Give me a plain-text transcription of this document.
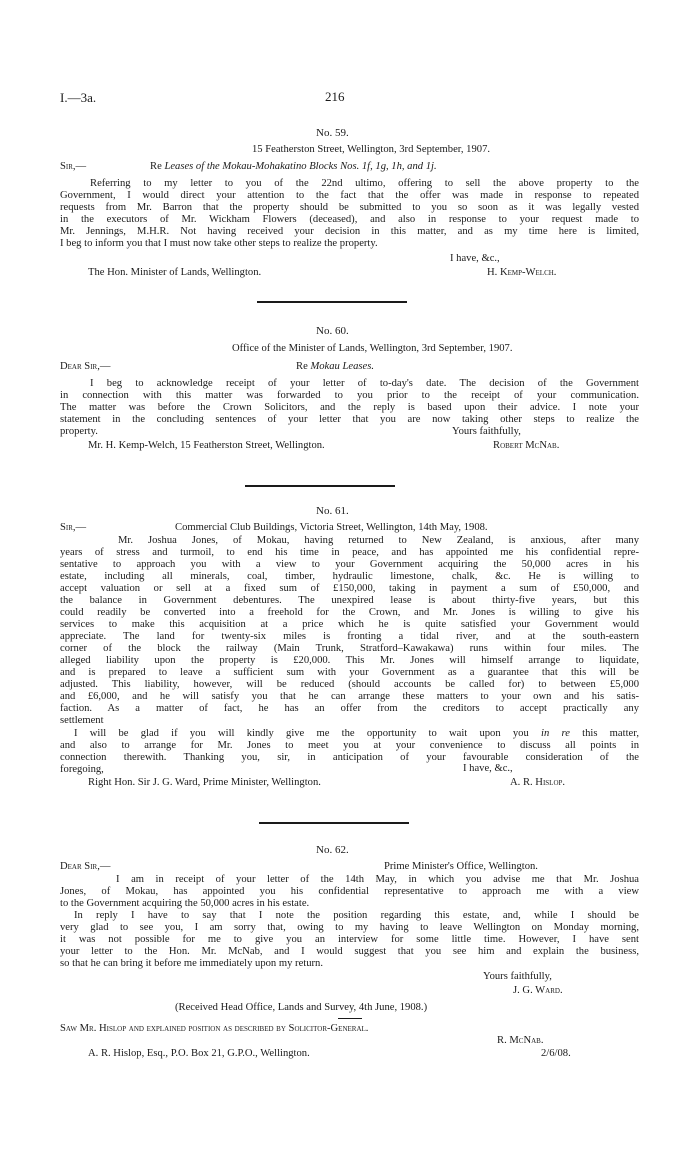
I.—3a.	216
No. 59.
15 Featherston Street, Wellington, 3rd September, 1907.
Sir,—	Re Leases of the Mokau-Mohakatino Blocks Nos. 1f, 1g, 1h, and 1j.
Referring to my letter to you of the 22nd ultimo, offering to sell the above property to the
Government, I would direct your attention to the fact that the offer was made in response to repeated
requests from Mr. Barron that the property should be submitted to you so soon as it was legally vested
in the executors of Mr. Wickham Flowers (deceased), and also in response to your request made to
Mr. Jennings, M.H.R. Not having received your decision in this matter, and as my time here is limited,
I beg to inform you that I must now take other steps to realize the property.
I have, &c.,
The Hon. Minister of Lands, Wellington.	H. Kemp-Welch.
No. 60.
Office of the Minister of Lands, Wellington, 3rd September, 1907.
Dear Sir,—	Re Mokau Leases.
I beg to acknowledge receipt of your letter of to-day's date. The decision of the Government
in connection with this matter was forwarded to you prior to the receipt of your communication.
The matter was before the Crown Solicitors, and the reply is based upon their advice. I note your
statement in the concluding sentences of your letter that you are now taking other steps to realize the
property.	Yours faithfully,
Mr. H. Kemp-Welch, 15 Featherston Street, Wellington.	Robert McNab.
No. 61.
Sir,—	Commercial Club Buildings, Victoria Street, Wellington, 14th May, 1908.
Mr. Joshua Jones, of Mokau, having returned to New Zealand, is anxious, after many
years of stress and turmoil, to end his time in peace, and has appointed me his confidential repre-
sentative to approach you with a view to your Government acquiring the 50,000 acres in his
estate, including all minerals, coal, timber, hydraulic limestone, chalk, &c. He is willing to
accept valuation or sell at a fixed sum of £150,000, taking in payment a sum of £50,000, and
the balance in Government debentures. The unexpired lease is about thirty-five years, but this
could readily be converted into a freehold for the Crown, and Mr. Jones is willing to give his
services to make this acquisition at a price which he is quite satisfied your Government would
appreciate. The land for twenty-six miles is fronting a tidal river, and at the south-eastern
corner of the block the railway (Main Trunk, Stratford–Kawakawa) runs within four miles. The
alleged liability upon the property is £20,000. This Mr. Jones will himself arrange to liquidate,
and is prepared to leave a sufficient sum with your Government as a guarantee that this will be
adjusted. This liability, however, will be reduced (should accounts be called for) to between £5,000
and £6,000, and he will satisfy you that he can arrange these matters to your own and his satis-
faction. As a matter of fact, he has an offer from the creditors to accept practically any
settlement
I will be glad if you will kindly give me the opportunity to wait upon you in re this matter,
and also to arrange for Mr. Jones to meet you at your convenience to discuss all points in
connection therewith. Thanking you, sir, in anticipation of your favourable consideration of the
foregoing,	I have, &c.,
Right Hon. Sir J. G. Ward, Prime Minister, Wellington.	A. R. Hislop.
No. 62.
Dear Sir,—	Prime Minister's Office, Wellington.
I am in receipt of your letter of the 14th May, in which you advise me that Mr. Joshua
Jones, of Mokau, has appointed you his confidential representative to approach me with a view
to the Government acquiring the 50,000 acres in his estate.
In reply I have to say that I note the position regarding this estate, and, while I should be
very glad to see you, I am sorry that, owing to my having to leave Wellington on Monday morning,
it was not possible for me to give you an interview for some little time. However, I have sent
your letter to the Hon. Mr. McNab, and I would suggest that you see him and explain the business,
so that he can bring it before me immediately upon my return.
Yours faithfully,
J. G. Ward.
(Received Head Office, Lands and Survey, 4th June, 1908.)
Saw Mr. Hislop and explained position as described by Solicitor-General.
R. McNab.
A. R. Hislop, Esq., P.O. Box 21, G.P.O., Wellington.	2/6/08.
